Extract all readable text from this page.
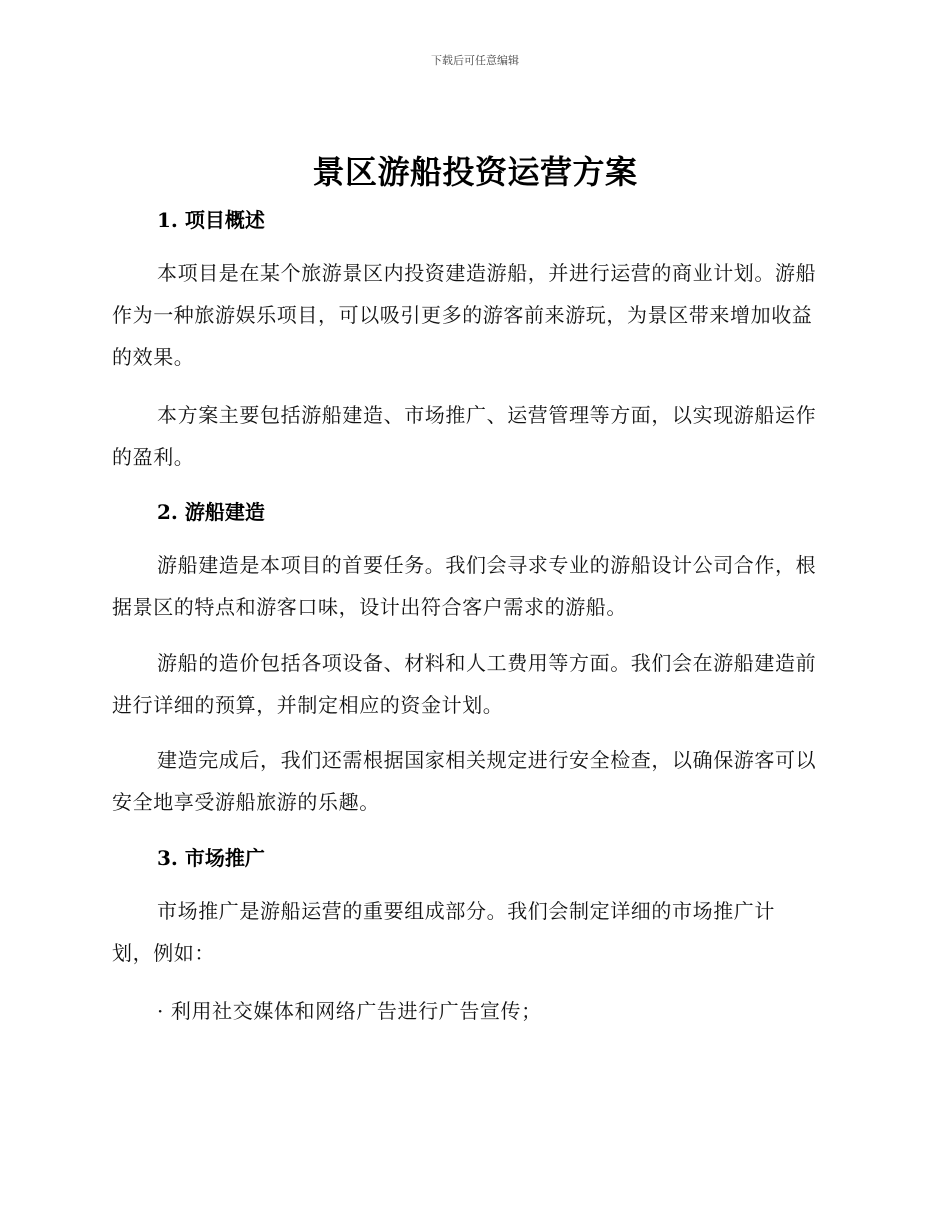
下载后可任意编辑
景区游船投资运营方案
1. 项目概述

本项目是在某个旅游景区内投资建造游船，并进行运营的商业计划。游船作为一种旅游娱乐项目，可以吸引更多的游客前来游玩，为景区带来增加收益的效果。

本方案主要包括游船建造、市场推广、运营管理等方面，以实现游船运作的盈利。

2. 游船建造

游船建造是本项目的首要任务。我们会寻求专业的游船设计公司合作，根据景区的特点和游客口味，设计出符合客户需求的游船。

游船的造价包括各项设备、材料和人工费用等方面。我们会在游船建造前进行详细的预算，并制定相应的资金计划。

建造完成后，我们还需根据国家相关规定进行安全检查，以确保游客可以安全地享受游船旅游的乐趣。

3. 市场推广

市场推广是游船运营的重要组成部分。我们会制定详细的市场推广计划，例如：

· 利用社交媒体和网络广告进行广告宣传；
